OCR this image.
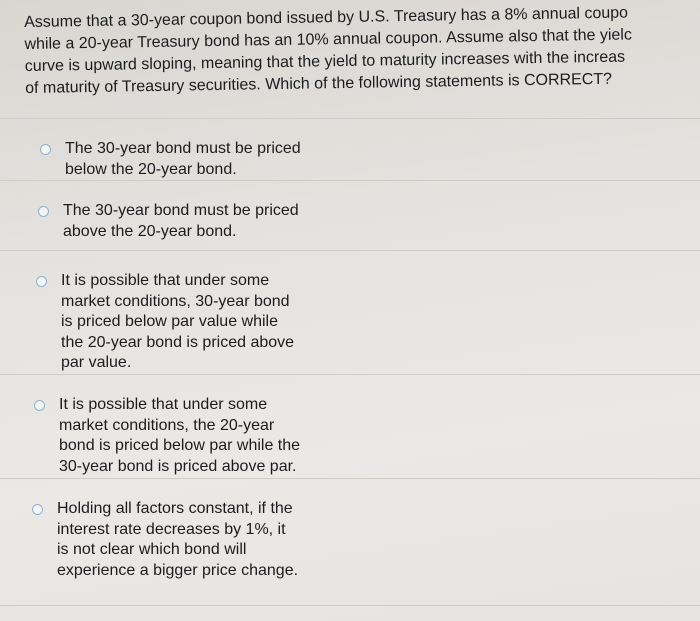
Assume that a 30-year coupon bond issued by U.S. Treasury has a 8% annual coupo
while a 20-year Treasury bond has an 10% annual coupon. Assume also that the yielc
curve is upward sloping, meaning that the yield to maturity increases with the increas
of maturity of Treasury securities. Which of the following statements is CORRECT?
The 30-year bond must be priced
below the 20-year bond.
The 30-year bond must be priced
above the 20-year bond.
It is possible that under some
market conditions, 30-year bond
is priced below par value while
the 20-year bond is priced above
par value.
It is possible that under some
market conditions, the 20-year
bond is priced below par while the
30-year bond is priced above par.
Holding all factors constant, if the
interest rate decreases by 1%, it
is not clear which bond will
experience a bigger price change.
